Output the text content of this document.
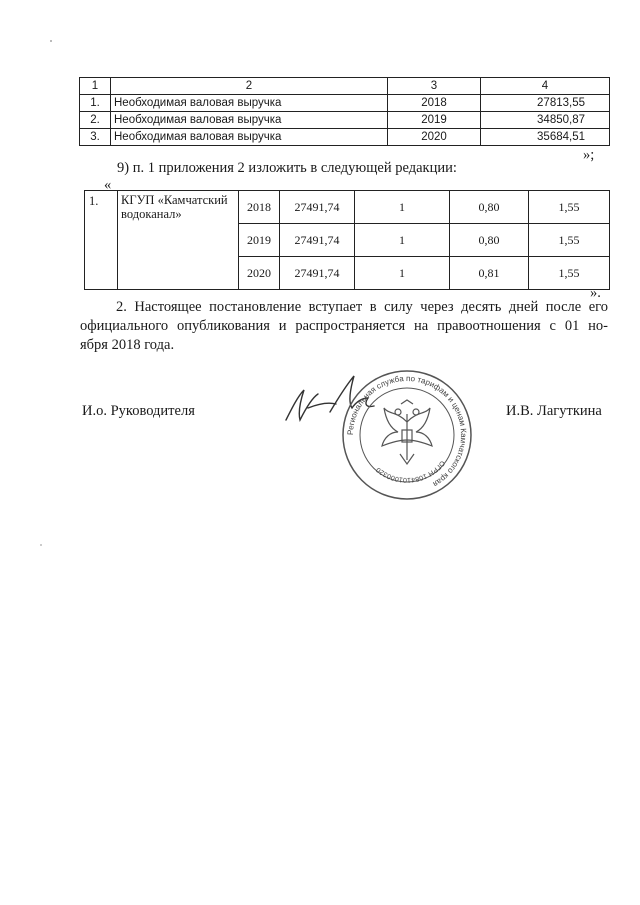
1	2	3	4
1.	Необходимая валовая выручка	2018	27813,55
2.	Необходимая валовая выручка	2019	34850,87
3.	Необходимая валовая выручка	2020	35684,51
»;
9) п. 1 приложения 2 изложить в следующей редакции:
«
1.	КГУП «Камчатский водоканал»	2018	27491,74	1	0,80	1,55
		2019	27491,74	1	0,80	1,55
		2020	27491,74	1	0,81	1,55
».
2. Настоящее постановление вступает в силу через десять дней после его
официального опубликования и распространяется на правоотношения с 01 но-
ября 2018 года.
И.о. Руководителя	И.В. Лагуткина
Региональная служба по тарифам и ценам Камчатского края
ОГРН 1084101000320
